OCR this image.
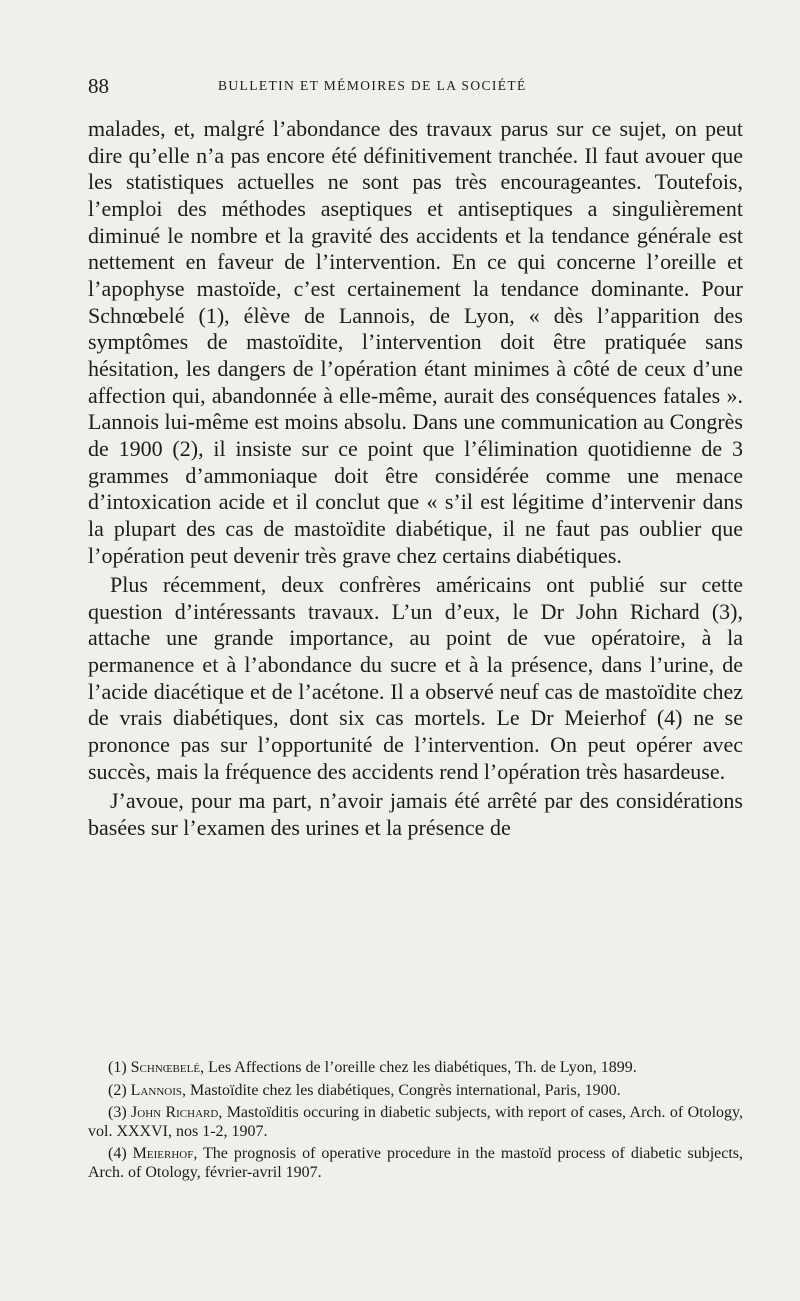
88	BULLETIN ET MÉMOIRES DE LA SOCIÉTÉ

malades, et, malgré l’abondance des travaux parus sur ce sujet, on peut dire qu’elle n’a pas encore été définitivement tranchée. Il faut avouer que les statistiques actuelles ne sont pas très encourageantes. Toutefois, l’emploi des méthodes aseptiques et antiseptiques a singulièrement diminué le nombre et la gravité des accidents et la tendance générale est nettement en faveur de l’intervention. En ce qui concerne l’oreille et l’apophyse mastoïde, c’est certainement la tendance dominante. Pour Schnœbelé (1), élève de Lannois, de Lyon, « dès l’apparition des symptômes de mastoïdite, l’intervention doit être pratiquée sans hésitation, les dangers de l’opération étant minimes à côté de ceux d’une affection qui, abandonnée à elle-même, aurait des conséquences fatales ». Lannois lui-même est moins absolu. Dans une communication au Congrès de 1900 (2), il insiste sur ce point que l’élimination quotidienne de 3 grammes d’ammoniaque doit être considérée comme une menace d’intoxication acide et il conclut que « s’il est légitime d’intervenir dans la plupart des cas de mastoïdite diabétique, il ne faut pas oublier que l’opération peut devenir très grave chez certains diabétiques.

Plus récemment, deux confrères américains ont publié sur cette question d’intéressants travaux. L’un d’eux, le Dr John Richard (3), attache une grande importance, au point de vue opératoire, à la permanence et à l’abondance du sucre et à la présence, dans l’urine, de l’acide diacétique et de l’acétone. Il a observé neuf cas de mastoïdite chez de vrais diabétiques, dont six cas mortels. Le Dr Meierhof (4) ne se prononce pas sur l’opportunité de l’intervention. On peut opérer avec succès, mais la fréquence des accidents rend l’opération très hasardeuse.

J’avoue, pour ma part, n’avoir jamais été arrêté par des considérations basées sur l’examen des urines et la présence de

(1) Schnœbelé, Les Affections de l’oreille chez les diabétiques, Th. de Lyon, 1899.

(2) Lannois, Mastoïdite chez les diabétiques, Congrès international, Paris, 1900.

(3) John Richard, Mastoïditis occuring in diabetic subjects, with report of cases, Arch. of Otology, vol. XXXVI, nos 1-2, 1907.

(4) Meierhof, The prognosis of operative procedure in the mastoïd process of diabetic subjects, Arch. of Otology, février-avril 1907.
